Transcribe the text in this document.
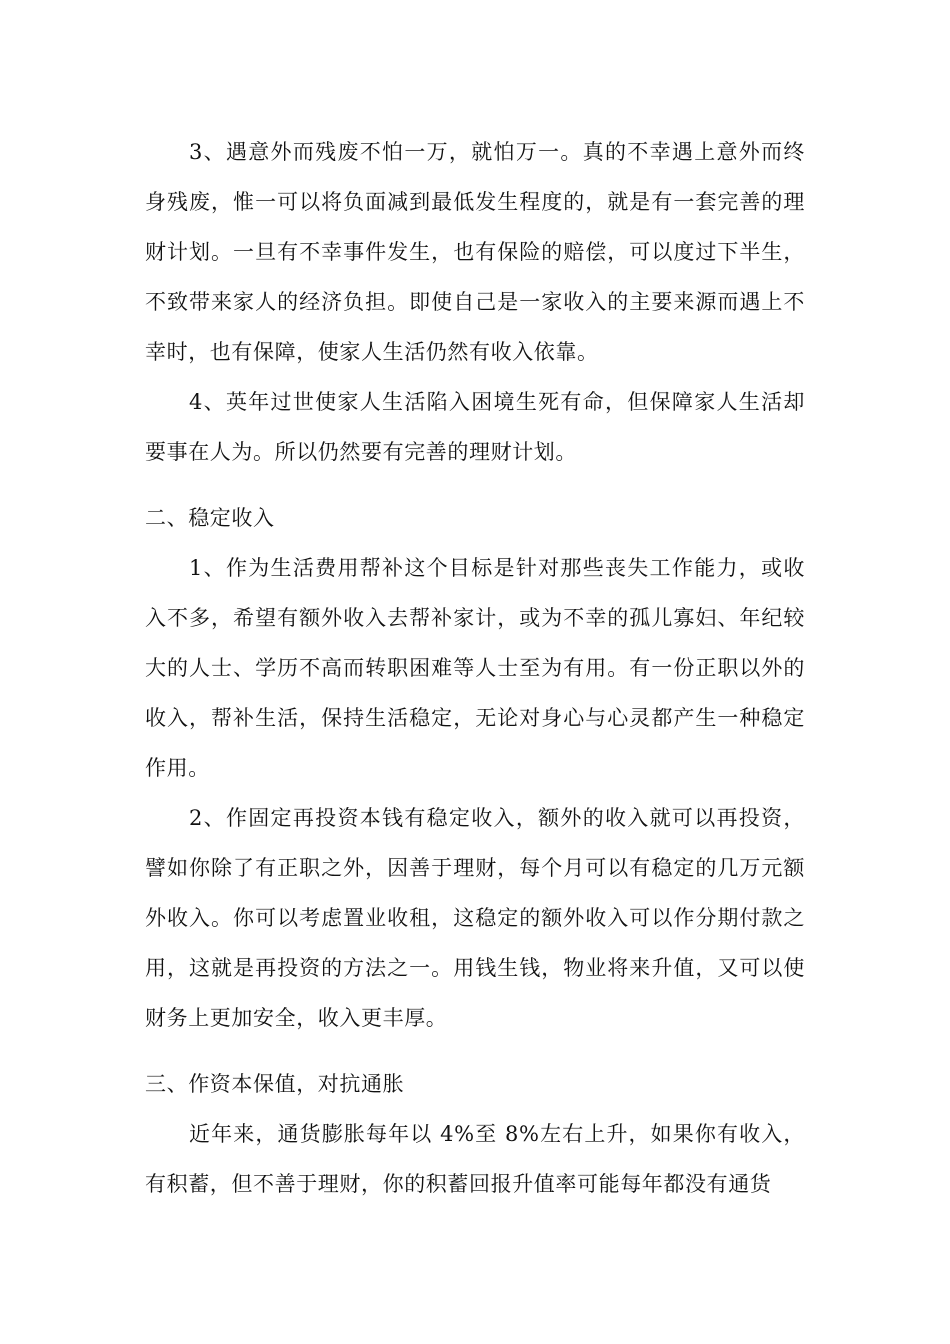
3、遇意外而残废不怕一万，就怕万一。真的不幸遇上意外而终身残废，惟一可以将负面减到最低发生程度的，就是有一套完善的理财计划。一旦有不幸事件发生，也有保险的赔偿，可以度过下半生，不致带来家人的经济负担。即使自己是一家收入的主要来源而遇上不幸时，也有保障，使家人生活仍然有收入依靠。

4、英年过世使家人生活陷入困境生死有命，但保障家人生活却要事在人为。所以仍然要有完善的理财计划。

二、稳定收入

1、作为生活费用帮补这个目标是针对那些丧失工作能力，或收入不多，希望有额外收入去帮补家计，或为不幸的孤儿寡妇、年纪较大的人士、学历不高而转职困难等人士至为有用。有一份正职以外的收入，帮补生活，保持生活稳定，无论对身心与心灵都产生一种稳定作用。

2、作固定再投资本钱有稳定收入，额外的收入就可以再投资，譬如你除了有正职之外，因善于理财，每个月可以有稳定的几万元额外收入。你可以考虑置业收租，这稳定的额外收入可以作分期付款之用，这就是再投资的方法之一。用钱生钱，物业将来升值，又可以使财务上更加安全，收入更丰厚。

三、作资本保值，对抗通胀

近年来，通货膨胀每年以 4%至 8%左右上升，如果你有收入，有积蓄，但不善于理财，你的积蓄回报升值率可能每年都没有通货
